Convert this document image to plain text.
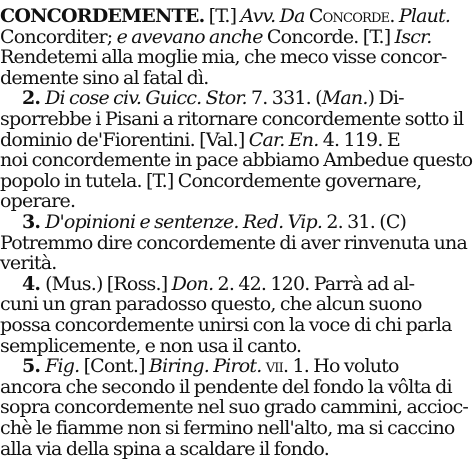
CONCORDEMENTE. [T.] Avv. Da Concorde. Plaut.
Concorditer; e avevano anche Concorde. [T.] Iscr.
Rendetemi alla moglie mia, che meco visse concor-
demente sino al fatal dì.
2. Di cose civ. Guicc. Stor. 7. 331. (Man.) Di-
sporrebbe i Pisani a ritornare concordemente sotto il
dominio de'Fiorentini. [Val.] Car. En. 4. 119. E
noi concordemente in pace abbiamo Ambedue questo
popolo in tutela. [T.] Concordemente governare,
operare.
3. D'opinioni e sentenze. Red. Vip. 2. 31. (C)
Potremmo dire concordemente di aver rinvenuta una
verità.
4. (Mus.) [Ross.] Don. 2. 42. 120. Parrà ad al-
cuni un gran paradosso questo, che alcun suono
possa concordemente unirsi con la voce di chi parla
semplicemente, e non usa il canto.
5. Fig. [Cont.] Biring. Pirot. vii. 1. Ho voluto
ancora che secondo il pendente del fondo la vôlta di
sopra concordemente nel suo grado cammini, accioc-
chè le fiamme non si fermino nell'alto, ma si caccino
alla via della spina a scaldare il fondo.
